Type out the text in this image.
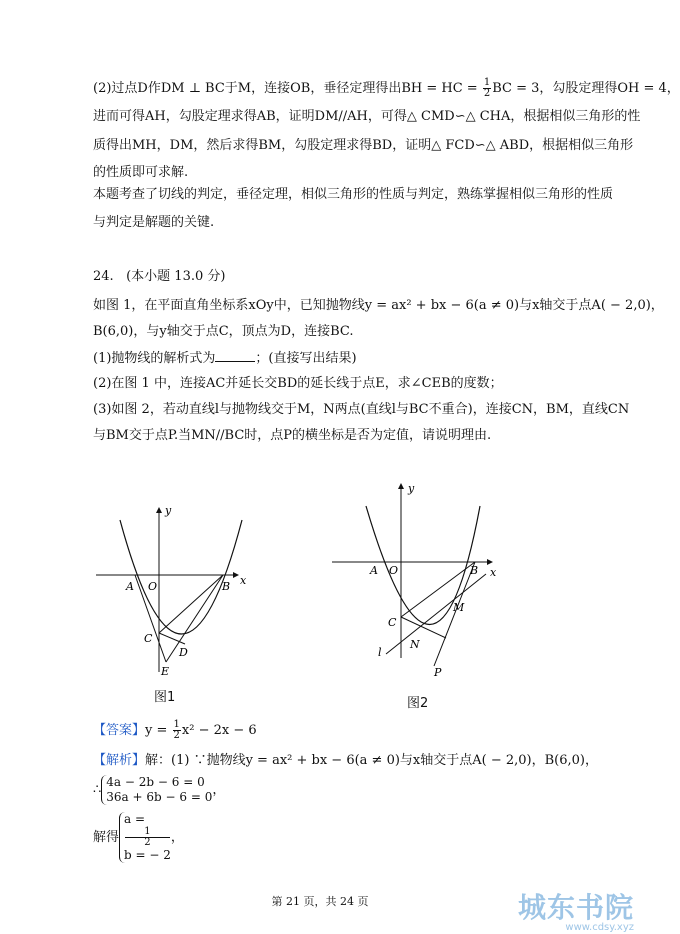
(2)过点D作DM ⊥ BC于M，连接OB，垂径定理得出BH = HC = $\frac{1}{2}$ BC = 3，勾股定理得OH = 4，
进而可得AH，勾股定理求得AB，证明DM//AH，可得△ CMD∽△ CHA，根据相似三角形的性
质得出MH，DM，然后求得BM，勾股定理求得BD，证明△ FCD∽△ ABD，根据相似三角形
的性质即可求解.
本题考查了切线的判定，垂径定理，相似三角形的性质与判定，熟练掌握相似三角形的性质
与判定是解题的关键.
24. (本小题 13.0 分)
如图 1，在平面直角坐标系xOy中，已知抛物线y = ax² + bx − 6(a ≠ 0)与x轴交于点A( − 2,0)，
B(6,0)，与y轴交于点C，顶点为D，连接BC.
(1)抛物线的解析式为	；(直接写出结果)
(2)在图 1 中，连接AC并延长交BD的延长线于点E，求∠CEB的度数；
(3)如图 2，若动直线l与抛物线交于M，N两点(直线l与BC不重合)，连接CN，BM，直线CN
与BM交于点P.当MN//BC时，点P的横坐标是否为定值，请说明理由.
y
x
A O	B
C
D
E
图1
y
x
A O	B
C
M
N
P
l
图2
【答案】$y = \frac{1}{2} x^2 - 2x - 6$
【解析】解：(1) ∵抛物线y = ax² + bx − 6(a ≠ 0)与x轴交于点A( − 2,0)，B(6,0)，
∴
4a − 2b − 6 = 0
36a + 6b − 6 = 0 ，
解得
a =
1
2
b = − 2
，
第 21 页，共 24 页	城东书院
www.cdsy.xyz
